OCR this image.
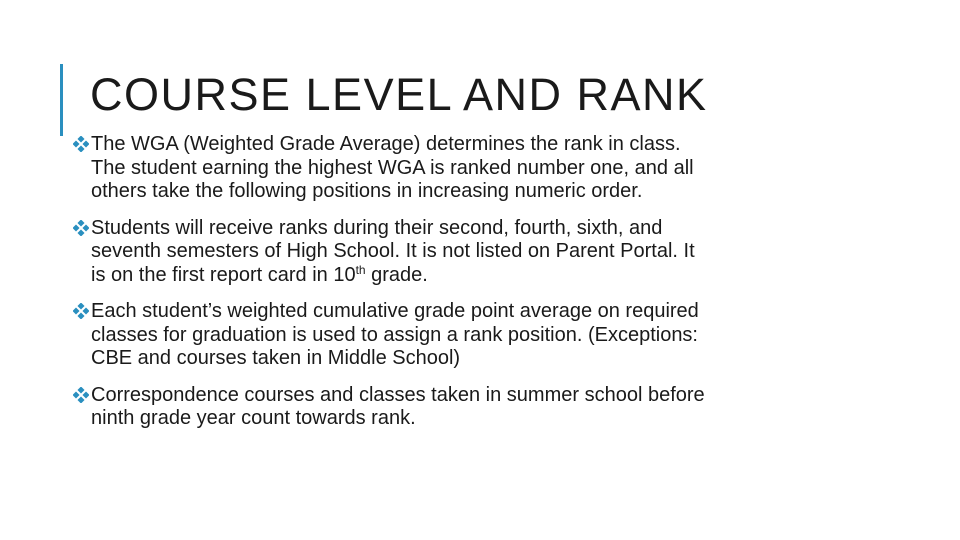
COURSE LEVEL AND RANK
The WGA (Weighted Grade Average) determines the rank in class.
The student earning the highest WGA is ranked number one, and all
others take the following positions in increasing numeric order.
Students will receive ranks during their second, fourth, sixth, and
seventh semesters of High School. It is not listed on Parent Portal. It
is on the first report card in 10th grade.
Each student’s weighted cumulative grade point average on required
classes for graduation is used to assign a rank position. (Exceptions:
CBE and courses taken in Middle School)
Correspondence courses and classes taken in summer school before
ninth grade year count towards rank.
